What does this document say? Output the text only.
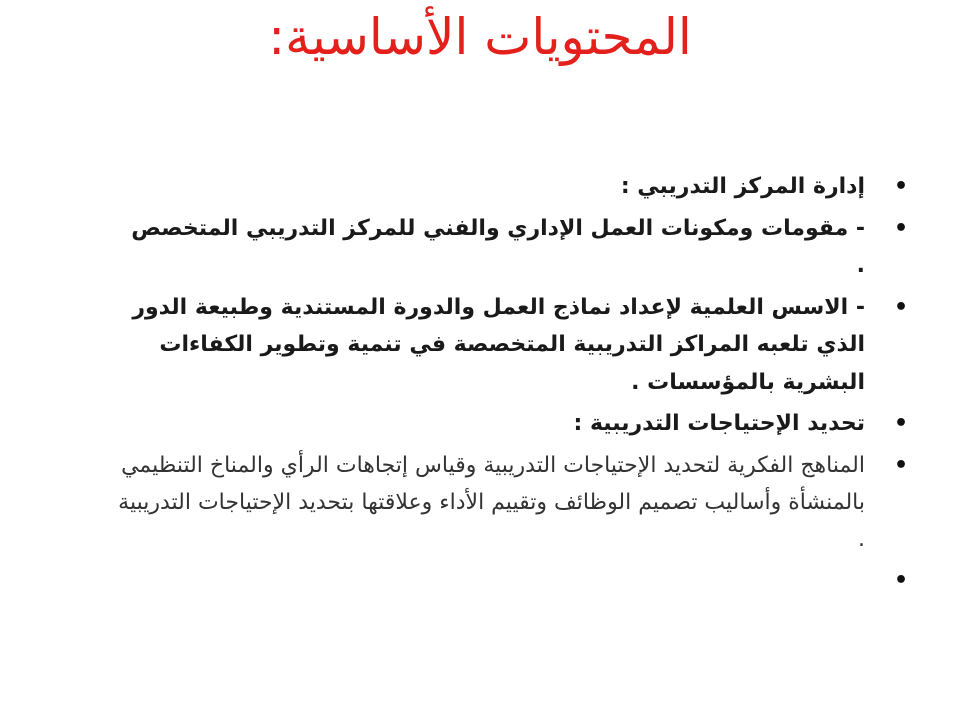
المحتويات الأساسية:
•
إدارة المركز التدريبي :
•
- مقومات ومكونات العمل الإداري والفني للمركز التدريبي المتخصص .
•
- الاسس العلمية لإعداد نماذج العمل والدورة المستندية وطبيعة الدور الذي تلعبه المراكز التدريبية المتخصصة في تنمية وتطوير الكفاءات البشرية بالمؤسسات .
•
تحديد الإحتياجات التدريبية :
•
المناهج الفكرية لتحديد الإحتياجات التدريبية وقياس إتجاهات الرأي والمناخ التنظيمي بالمنشأة وأساليب تصميم الوظائف وتقييم الأداء وعلاقتها بتحديد الإحتياجات التدريبية .
•
